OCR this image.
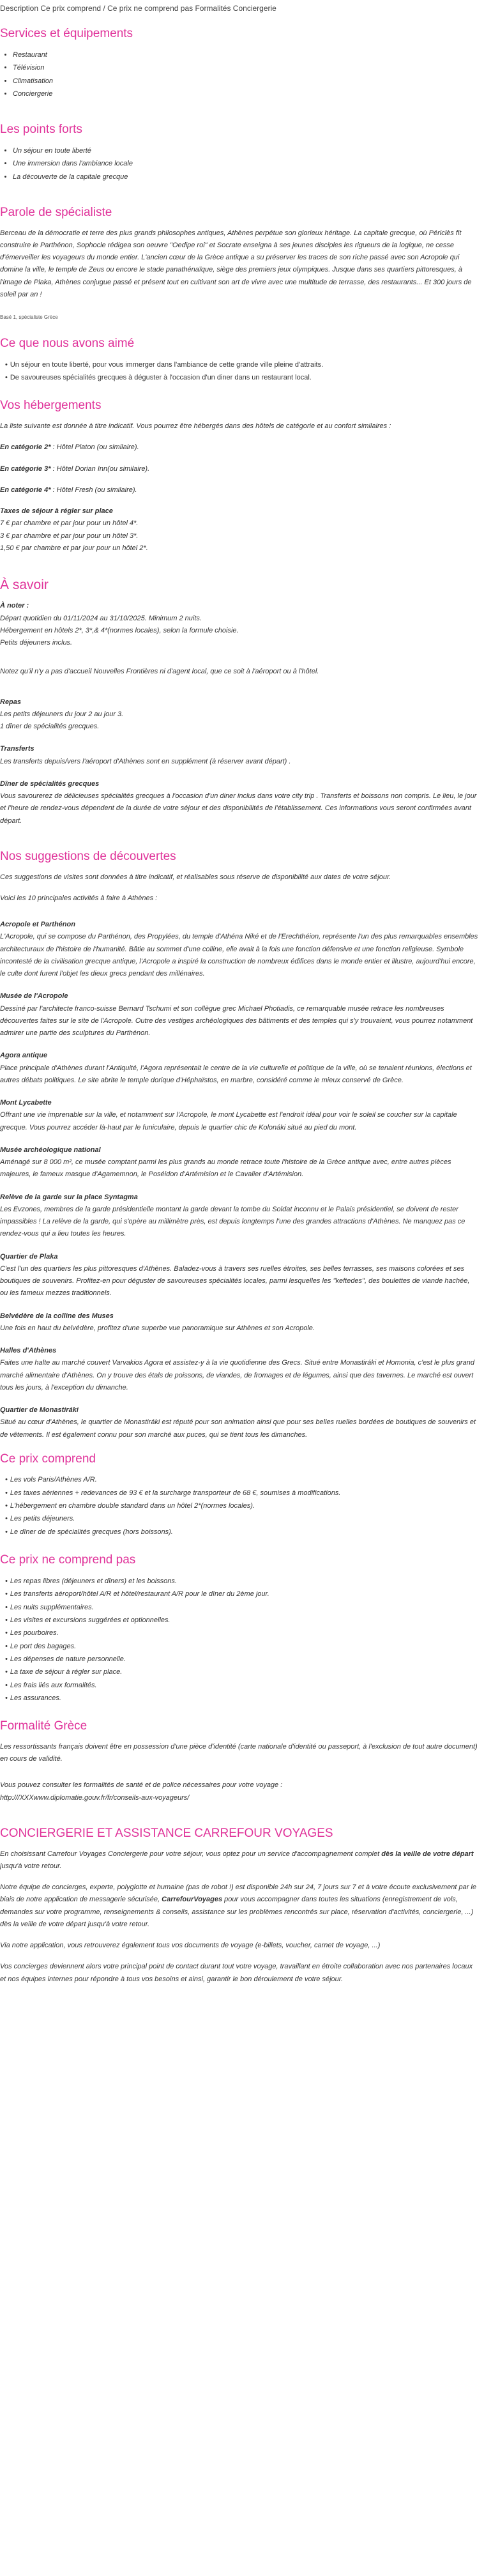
Description Ce prix comprend / Ce prix ne comprend pas Formalités Conciergerie
Services et équipements
• Restaurant
• Télévision
• Climatisation
• Conciergerie
Les points forts
• Un séjour en toute liberté
• Une immersion dans l'ambiance locale
• La découverte de la capitale grecque
Parole de spécialiste

Berceau de la démocratie et terre des plus grands philosophes antiques, Athènes perpétue son glorieux héritage. La capitale grecque, où Périclès fit construire le Parthénon, Sophocle rédigea son oeuvre "Oedipe roi" et Socrate enseigna à ses jeunes disciples les rigueurs de la logique, ne cesse d'émerveiller les voyageurs du monde entier. L'ancien cœur de la Grèce antique a su préserver les traces de son riche passé avec son Acropole qui domine la ville, le temple de Zeus ou encore le stade panathénaïque, siège des premiers jeux olympiques. Jusque dans ses quartiers pittoresques, à l'image de Plaka, Athènes conjugue passé et présent tout en cultivant son art de vivre avec une multitude de terrasse, des restaurants... Et 300 jours de soleil par an !

Basé 1, spécialiste Grèce
Ce que nous avons aimé
• Un séjour en toute liberté, pour vous immerger dans l'ambiance de cette grande ville pleine d'attraits.
• De savoureuses spécialités grecques à déguster à l'occasion d'un diner dans un restaurant local.
Vos hébergements

La liste suivante est donnée à titre indicatif. Vous pourrez être hébergés dans des hôtels de catégorie et au confort similaires :

En catégorie 2* : Hôtel Platon (ou similaire).

En catégorie 3* : Hôtel Dorian Inn(ou similaire).

En catégorie 4* : Hôtel Fresh (ou similaire).

Taxes de séjour à régler sur place

7 € par chambre et par jour pour un hôtel 4*.

3 € par chambre et par jour pour un hôtel 3*.

1,50 € par chambre et par jour pour un hôtel 2*.

À savoir

À noter :

Départ quotidien du 01/11/2024 au 31/10/2025. Minimum 2 nuits.

Hébergement en hôtels 2*, 3*,& 4*(normes locales), selon la formule choisie.

Petits déjeuners inclus.

Notez qu'il n'y a pas d'accueil Nouvelles Frontières ni d'agent local, que ce soit à l'aéroport ou à l'hôtel.

Repas

Les petits déjeuners du jour 2 au jour 3.

1 dîner de spécialités grecques.

Transferts

Les transferts depuis/vers l'aéroport d'Athènes sont en supplément (à réserver avant départ) .

Dîner de spécialités grecques

Vous savourerez de délicieuses spécialités grecques à l'occasion d'un diner inclus dans votre city trip . Transferts et boissons non compris. Le lieu, le jour et l'heure de rendez-vous dépendent de la durée de votre séjour et des disponibilités de l'établissement. Ces informations vous seront confirmées avant départ.

Nos suggestions de découvertes

Ces suggestions de visites sont données à titre indicatif, et réalisables sous réserve de disponibilité aux dates de votre séjour.

Voici les 10 principales activités à faire à Athènes :

Acropole et Parthénon

L'Acropole, qui se compose du Parthénon, des Propylées, du temple d'Athéna Niké et de l'Erechthéion, représente l'un des plus remarquables ensembles architecturaux de l'histoire de l'humanité. Bâtie au sommet d'une colline, elle avait à la fois une fonction défensive et une fonction religieuse. Symbole incontesté de la civilisation grecque antique, l'Acropole a inspiré la construction de nombreux édifices dans le monde entier et illustre, aujourd'hui encore, le culte dont furent l'objet les dieux grecs pendant des millénaires.

Musée de l'Acropole

Dessiné par l'architecte franco-suisse Bernard Tschumi et son collègue grec Michael Photiadis, ce remarquable musée retrace les nombreuses découvertes faites sur le site de l'Acropole. Outre des vestiges archéologiques des bâtiments et des temples qui s'y trouvaient, vous pourrez notamment admirer une partie des sculptures du Parthénon.

Agora antique

Place principale d'Athènes durant l'Antiquité, l'Agora représentait le centre de la vie culturelle et politique de la ville, où se tenaient réunions, élections et autres débats politiques. Le site abrite le temple dorique d'Héphaïstos, en marbre, considéré comme le mieux conservé de Grèce.

Mont Lycabette

Offrant une vie imprenable sur la ville, et notamment sur l'Acropole, le mont Lycabette est l'endroit idéal pour voir le soleil se coucher sur la capitale grecque. Vous pourrez accéder là-haut par le funiculaire, depuis le quartier chic de Kolonáki situé au pied du mont.

Musée archéologique national

Aménagé sur 8 000 m², ce musée comptant parmi les plus grands au monde retrace toute l'histoire de la Grèce antique avec, entre autres pièces majeures, le fameux masque d'Agamemnon, le Poséidon d'Artémision et le Cavalier d'Artémision.

Relève de la garde sur la place Syntagma

Les Evzones, membres de la garde présidentielle montant la garde devant la tombe du Soldat inconnu et le Palais présidentiel, se doivent de rester impassibles ! La relève de la garde, qui s'opère au millimètre près, est depuis longtemps l'une des grandes attractions d'Athènes. Ne manquez pas ce rendez-vous qui a lieu toutes les heures.

Quartier de Plaka

C'est l'un des quartiers les plus pittoresques d'Athènes. Baladez-vous à travers ses ruelles étroites, ses belles terrasses, ses maisons colorées et ses boutiques de souvenirs. Profitez-en pour déguster de savoureuses spécialités locales, parmi lesquelles les "keftedes", des boulettes de viande hachée, ou les fameux mezzes traditionnels.

Belvédère de la colline des Muses

Une fois en haut du belvédère, profitez d'une superbe vue panoramique sur Athènes et son Acropole.

Halles d'Athènes

Faites une halte au marché couvert Varvakios Agora et assistez-y à la vie quotidienne des Grecs. Situé entre Monastiráki et Homonia, c'est le plus grand marché alimentaire d'Athènes. On y trouve des étals de poissons, de viandes, de fromages et de légumes, ainsi que des tavernes. Le marché est ouvert tous les jours, à l'exception du dimanche.

Quartier de Monastiráki

Situé au cœur d'Athènes, le quartier de Monastiráki est réputé pour son animation ainsi que pour ses belles ruelles bordées de boutiques de souvenirs et de vêtements. Il est également connu pour son marché aux puces, qui se tient tous les dimanches.

Ce prix comprend
• Les vols Paris/Athènes A/R.
• Les taxes aériennes + redevances de 93 € et la surcharge transporteur de 68 €, soumises à modifications.
• L'hébergement en chambre double standard dans un hôtel 2*(normes locales).
• Les petits déjeuners.
• Le dîner de de spécialités grecques (hors boissons).
Ce prix ne comprend pas
• Les repas libres (déjeuners et dîners) et les boissons.
• Les transferts aéroport/hôtel A/R et hôtel/restaurant A/R pour le dîner du 2ème jour.
• Les nuits supplémentaires.
• Les visites et excursions suggérées et optionnelles.
• Les pourboires.
• Le port des bagages.
• Les dépenses de nature personnelle.
• La taxe de séjour à régler sur place.
• Les frais liés aux formalités.
• Les assurances.
Formalité Grèce

Les ressortissants français doivent être en possession d'une pièce d'identité (carte nationale d'identité ou passeport, à l'exclusion de tout autre document) en cours de validité.

Vous pouvez consulter les formalités de santé et de police nécessaires pour votre voyage :

http:///XXXwww.diplomatie.gouv.fr/fr/conseils-aux-voyageurs/

CONCIERGERIE ET ASSISTANCE CARREFOUR VOYAGES

En choisissant Carrefour Voyages Conciergerie pour votre séjour, vous optez pour un service d'accompagnement complet dès la veille de votre départ jusqu'à votre retour.

Notre équipe de concierges, experte, polyglotte et humaine (pas de robot !) est disponible 24h sur 24, 7 jours sur 7 et à votre écoute exclusivement par le biais de notre application de messagerie sécurisée, CarrefourVoyages pour vous accompagner dans toutes les situations (enregistrement de vols, demandes sur votre programme, renseignements & conseils, assistance sur les problèmes rencontrés sur place, réservation d'activités, conciergerie, ...) dès la veille de votre départ jusqu'à votre retour.

Via notre application, vous retrouverez également tous vos documents de voyage (e-billets, voucher, carnet de voyage, ...)

Vos concierges deviennent alors votre principal point de contact durant tout votre voyage, travaillant en étroite collaboration avec nos partenaires locaux et nos équipes internes pour répondre à tous vos besoins et ainsi, garantir le bon déroulement de votre séjour.
